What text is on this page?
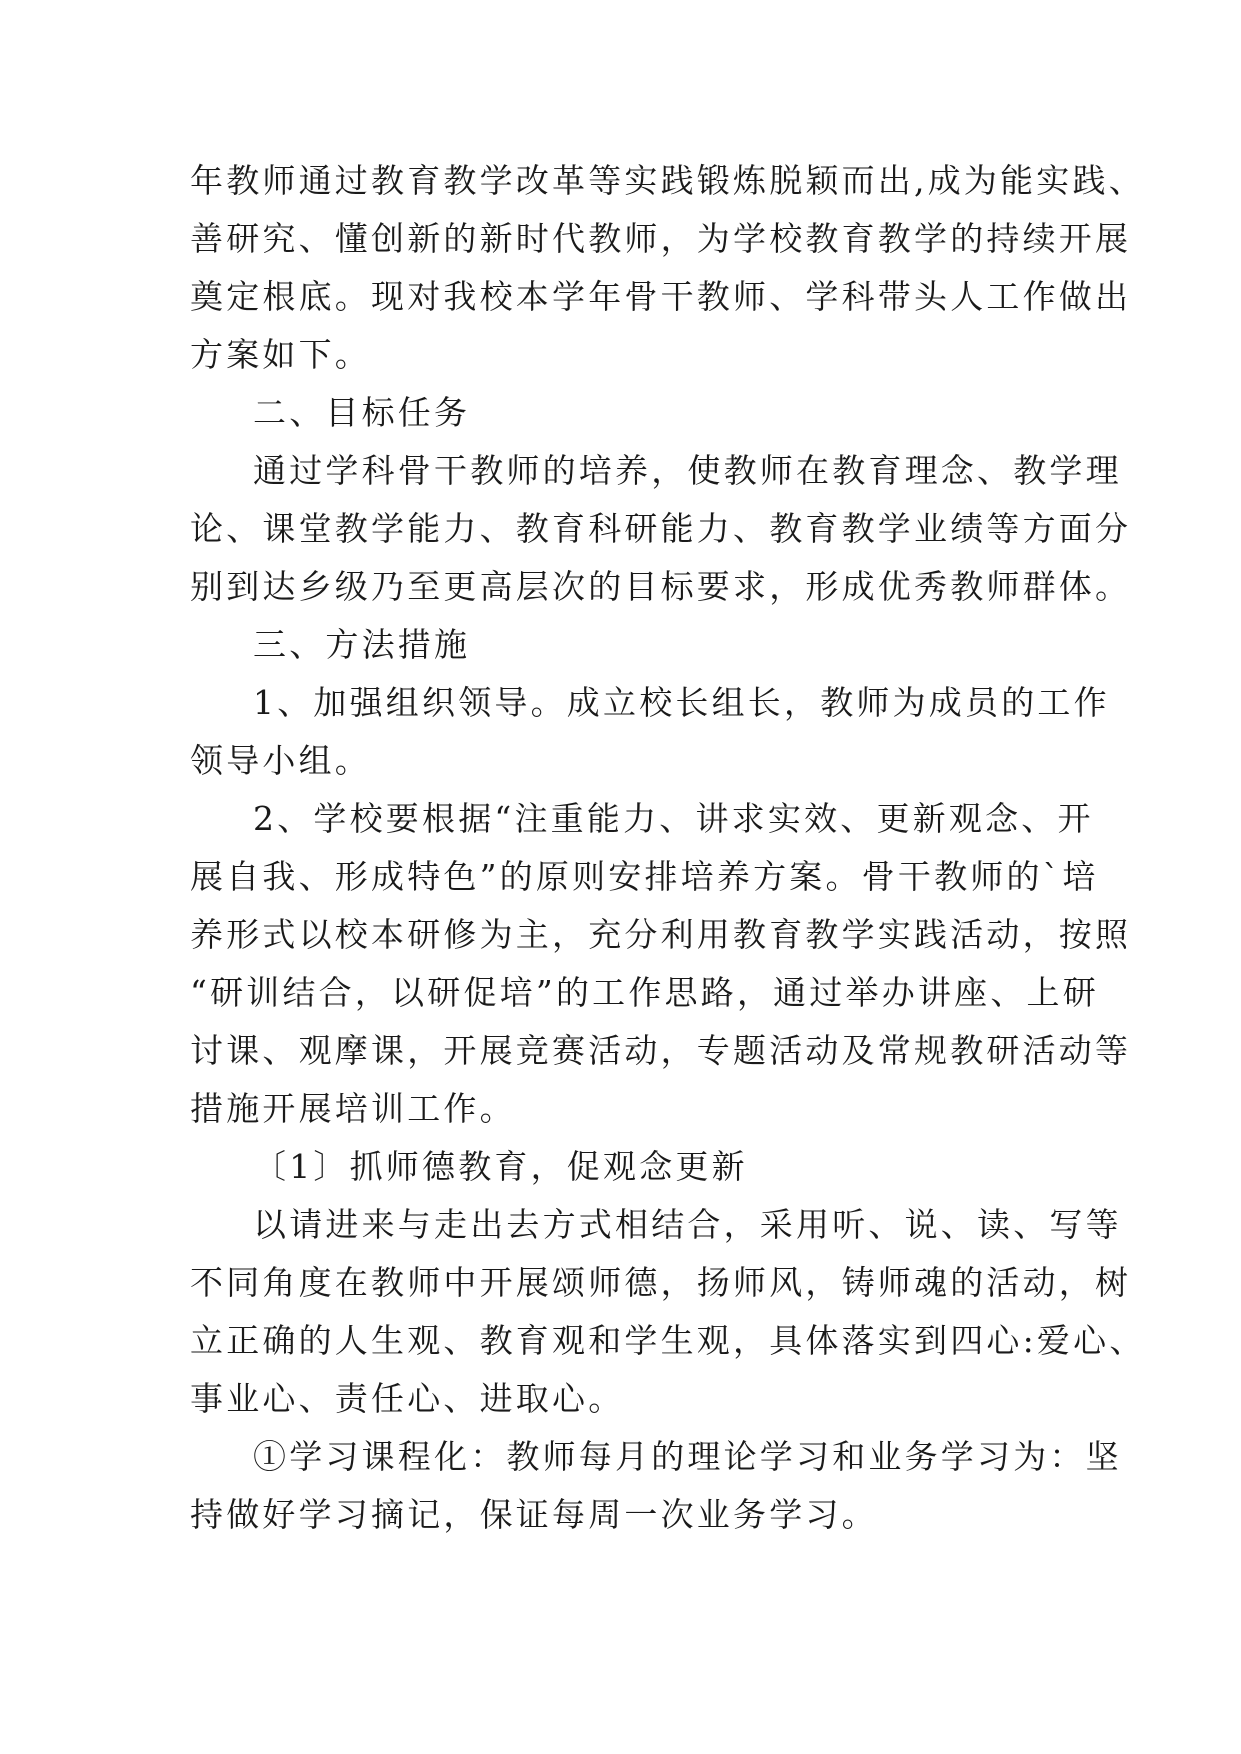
年教师通过教育教学改革等实践锻炼脱颖而出,成为能实践、

善研究、懂创新的新时代教师，为学校教育教学的持续开展

奠定根底。现对我校本学年骨干教师、学科带头人工作做出

方案如下。

二、目标任务

通过学科骨干教师的培养，使教师在教育理念、教学理

论、课堂教学能力、教育科研能力、教育教学业绩等方面分

别到达乡级乃至更高层次的目标要求，形成优秀教师群体。

三、方法措施

1、加强组织领导。成立校长组长，教师为成员的工作

领导小组。

2、学校要根据“注重能力、讲求实效、更新观念、开

展自我、形成特色”的原则安排培养方案。骨干教师的`培

养形式以校本研修为主，充分利用教育教学实践活动，按照

“研训结合，以研促培”的工作思路，通过举办讲座、上研

讨课、观摩课，开展竞赛活动，专题活动及常规教研活动等

措施开展培训工作。

〔1〕抓师德教育，促观念更新

以请进来与走出去方式相结合，采用听、说、读、写等

不同角度在教师中开展颂师德，扬师风，铸师魂的活动，树

立正确的人生观、教育观和学生观，具体落实到四心:爱心、

事业心、责任心、进取心。

①学习课程化：教师每月的理论学习和业务学习为：坚

持做好学习摘记，保证每周一次业务学习。
